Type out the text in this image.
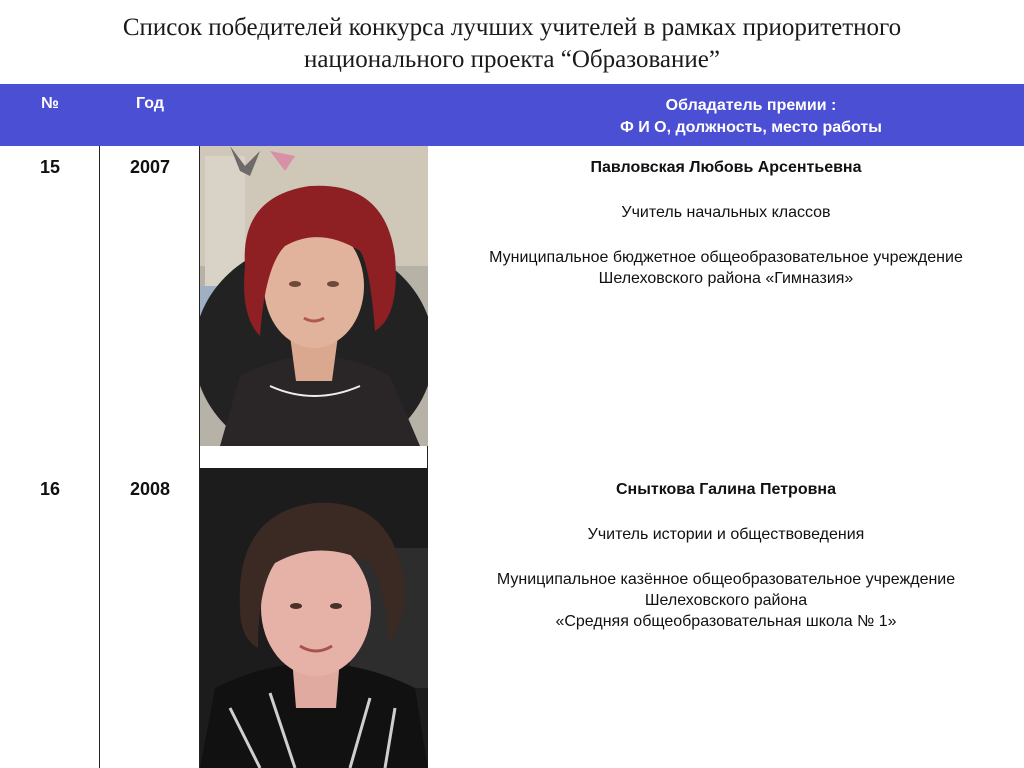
Список победителей конкурса лучших учителей в рамках приоритетного
национального проекта “Образование”
№	Год	Обладатель премии :
Ф И О, должность, место работы
15	2007	Павловская Любовь Арсентьевна

Учитель начальных классов

Муниципальное бюджетное общеобразовательное учреждение

Шелеховского района «Гимназия»

16	2008	Сныткова Галина Петровна

Учитель истории и обществоведения

Муниципальное казённое общеобразовательное учреждение

Шелеховского района

«Средняя общеобразовательная школа № 1»
